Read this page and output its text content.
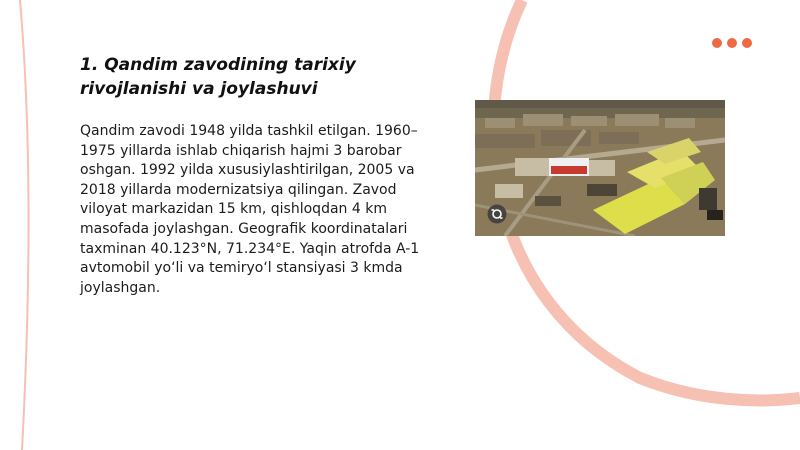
1. Qandim zavodining tarixiy rivojlanishi va joylashuvi

Qandim zavodi 1948 yilda tashkil etilgan. 1960–1975 yillarda ishlab chiqarish hajmi 3 barobar oshgan. 1992 yilda xususiylashtirilgan, 2005 va 2018 yillarda modernizatsiya qilingan. Zavod viloyat markazidan 15 km, qishloqdan 4 km masofada joylashgan. Geografik koordinatalari taxminan 40.123°N, 71.234°E. Yaqin atrofda A-1 avtomobil yo‘li va temiryo‘l stansiyasi 3 kmda joylashgan.
